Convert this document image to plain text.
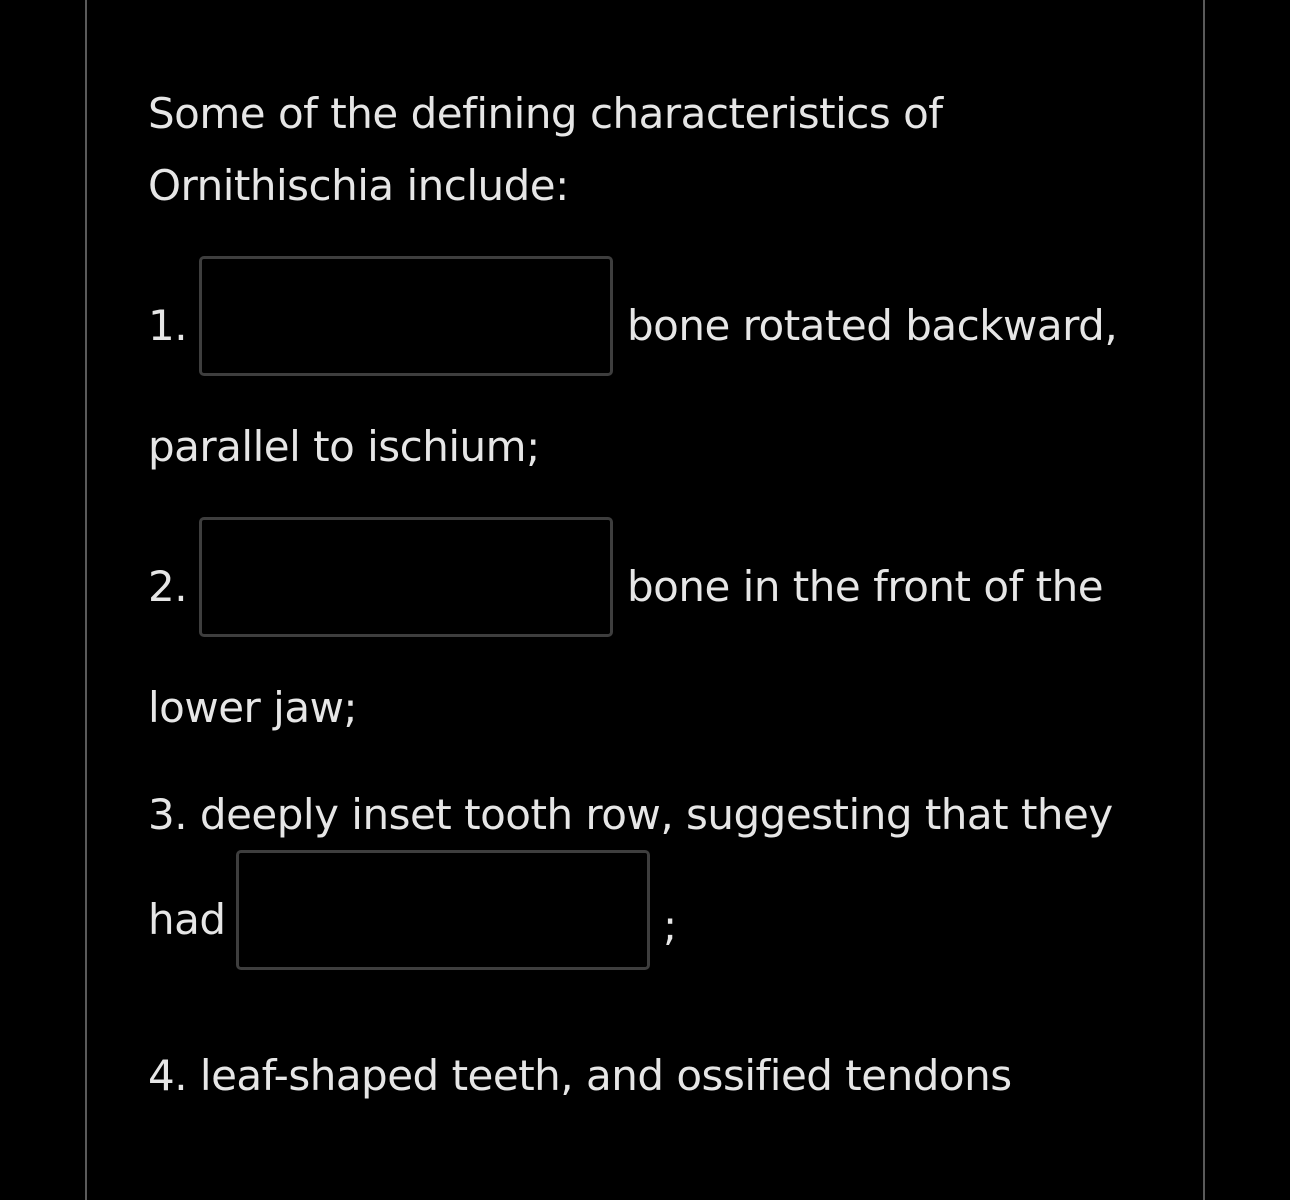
Some of the defining characteristics of
Ornithischia include:
1.	bone rotated backward,
parallel to ischium;
2.	bone in the front of the
lower jaw;
3. deeply inset tooth row, suggesting that they
had	;
4. leaf-shaped teeth, and ossified tendons
